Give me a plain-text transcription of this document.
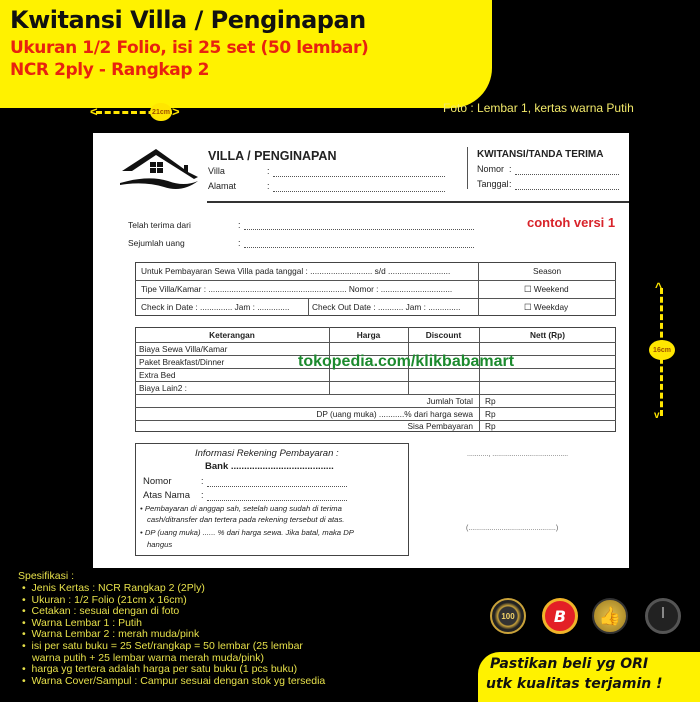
Kwitansi Villa / Penginapan
Ukuran 1/2 Folio, isi 25 set (50 lembar)
NCR 2ply - Rangkap 2
<	>
21cm	Foto : Lembar 1, kertas warna Putih
^
v
16cm
VILLA / PENGINAPAN
Villa	:
Alamat	:
KWITANSI/TANDA TERIMA
Nomor :
Tanggal :
Telah terima dari	:
Sejumlah uang	:
contoh versi 1
Untuk Pembayaran Sewa Villa pada tanggal : ........................... s/d ...........................	Season
Tipe Villa/Kamar : ............................................................ Nomor : ...............................	☐ Weekend
Check in Date : .............. Jam : ..............	Check Out Date : ........... Jam : ..............	☐ Weekday
Keterangan	Harga	Discount	Nett (Rp)
Biaya Sewa Villa/Kamar
Paket Breakfast/Dinner
Extra Bed
Biaya Lain2 :
Jumlah Total Rp
DP (uang muka) ...........% dari harga sewa Rp
Sisa Pembayaran Rp
tokopedia.com/klikbabamart
Informasi Rekening Pembayaran :
Bank .......................................
Nomor	:
Atas Nama :
• Pembayaran di anggap sah, setelah uang sudah di terima
cash/ditransfer dan tertera pada rekening tersebut di atas.
• DP (uang muka) ...... % dari harga sewa. Jika batal, maka DP
hangus
..........., .......................................
(.............................................)
Spesifikasi :
•  Jenis Kertas : NCR Rangkap 2 (2Ply)
•  Ukuran : 1/2 Folio (21cm x 16cm)
•  Cetakan : sesuai dengan di foto
•  Warna Lembar 1 : Putih
•  Warna Lembar 2 : merah muda/pink
•  isi per satu buku = 25 Set/rangkap = 50 lembar (25 lembar
warna putih + 25 lembar warna merah muda/pink)
•  harga yg tertera adalah harga per satu buku (1 pcs buku)
•  Warna Cover/Sampul : Campur sesuai dengan stok yg tersedia
100	B	👍
Pastikan beli yg ORI
utk kualitas terjamin !
